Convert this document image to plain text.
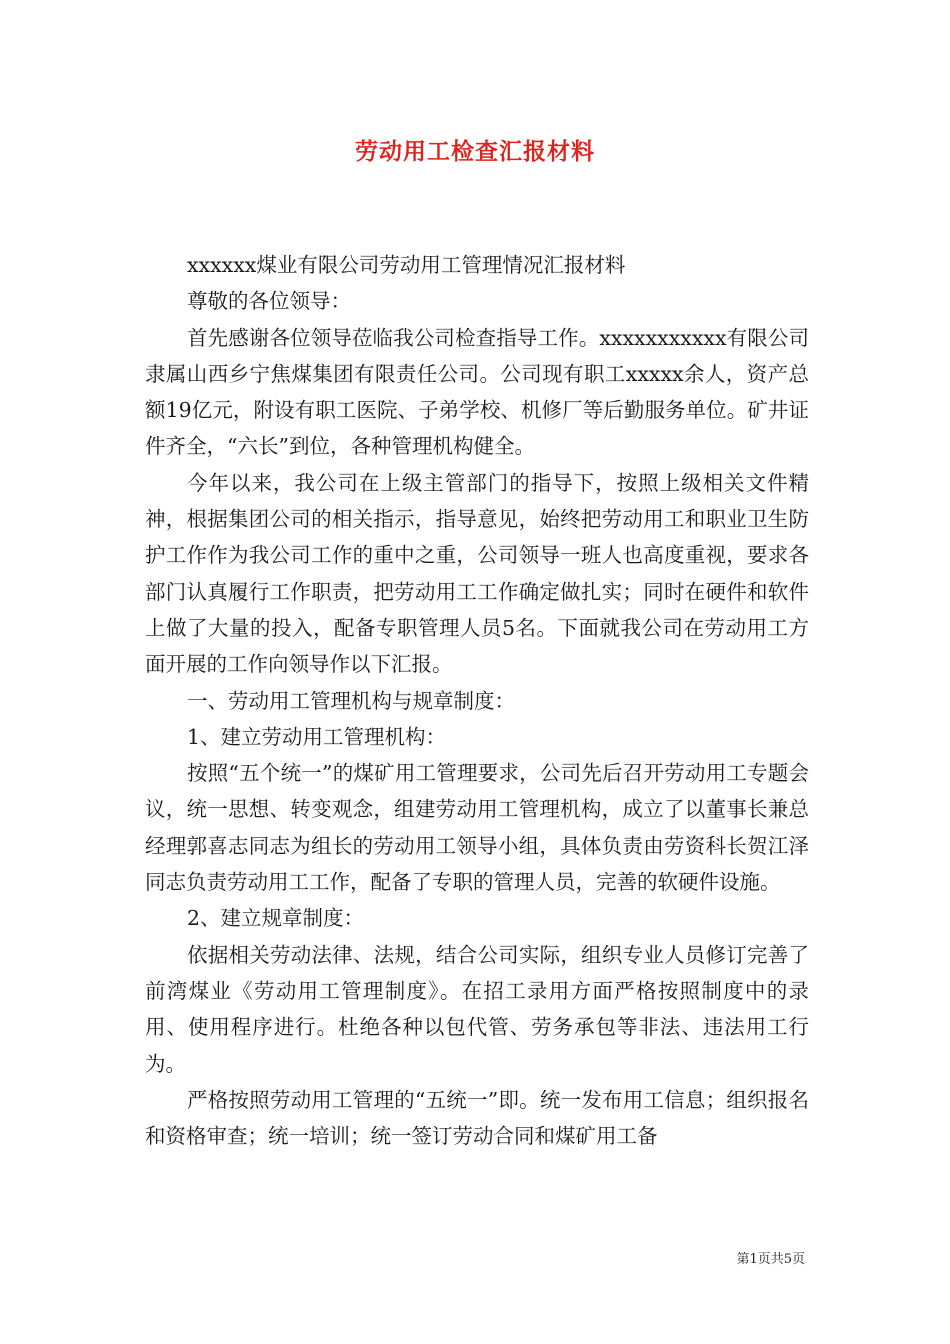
劳动用工检查汇报材料

xxxxxx煤业有限公司劳动用工管理情况汇报材料

尊敬的各位领导：

首先感谢各位领导莅临我公司检查指导工作。xxxxxxxxxxx有限公司隶属山西乡宁焦煤集团有限责任公司。公司现有职工xxxxx余人，资产总额19亿元，附设有职工医院、子弟学校、机修厂等后勤服务单位。矿井证件齐全，“六长”到位，各种管理机构健全。

今年以来，我公司在上级主管部门的指导下，按照上级相关文件精神，根据集团公司的相关指示，指导意见，始终把劳动用工和职业卫生防护工作作为我公司工作的重中之重，公司领导一班人也高度重视，要求各部门认真履行工作职责，把劳动用工工作确定做扎实；同时在硬件和软件上做了大量的投入，配备专职管理人员5名。下面就我公司在劳动用工方面开展的工作向领导作以下汇报。

一、劳动用工管理机构与规章制度：

1、建立劳动用工管理机构：

按照“五个统一”的煤矿用工管理要求，公司先后召开劳动用工专题会议，统一思想、转变观念，组建劳动用工管理机构，成立了以董事长兼总经理郭喜志同志为组长的劳动用工领导小组，具体负责由劳资科长贺江泽同志负责劳动用工工作，配备了专职的管理人员，完善的软硬件设施。

2、建立规章制度：

依据相关劳动法律、法规，结合公司实际，组织专业人员修订完善了前湾煤业《劳动用工管理制度》。在招工录用方面严格按照制度中的录用、使用程序进行。杜绝各种以包代管、劳务承包等非法、违法用工行为。

严格按照劳动用工管理的“五统一”即。统一发布用工信息；组织报名和资格审查；统一培训；统一签订劳动合同和煤矿用工备

第1页共5页
